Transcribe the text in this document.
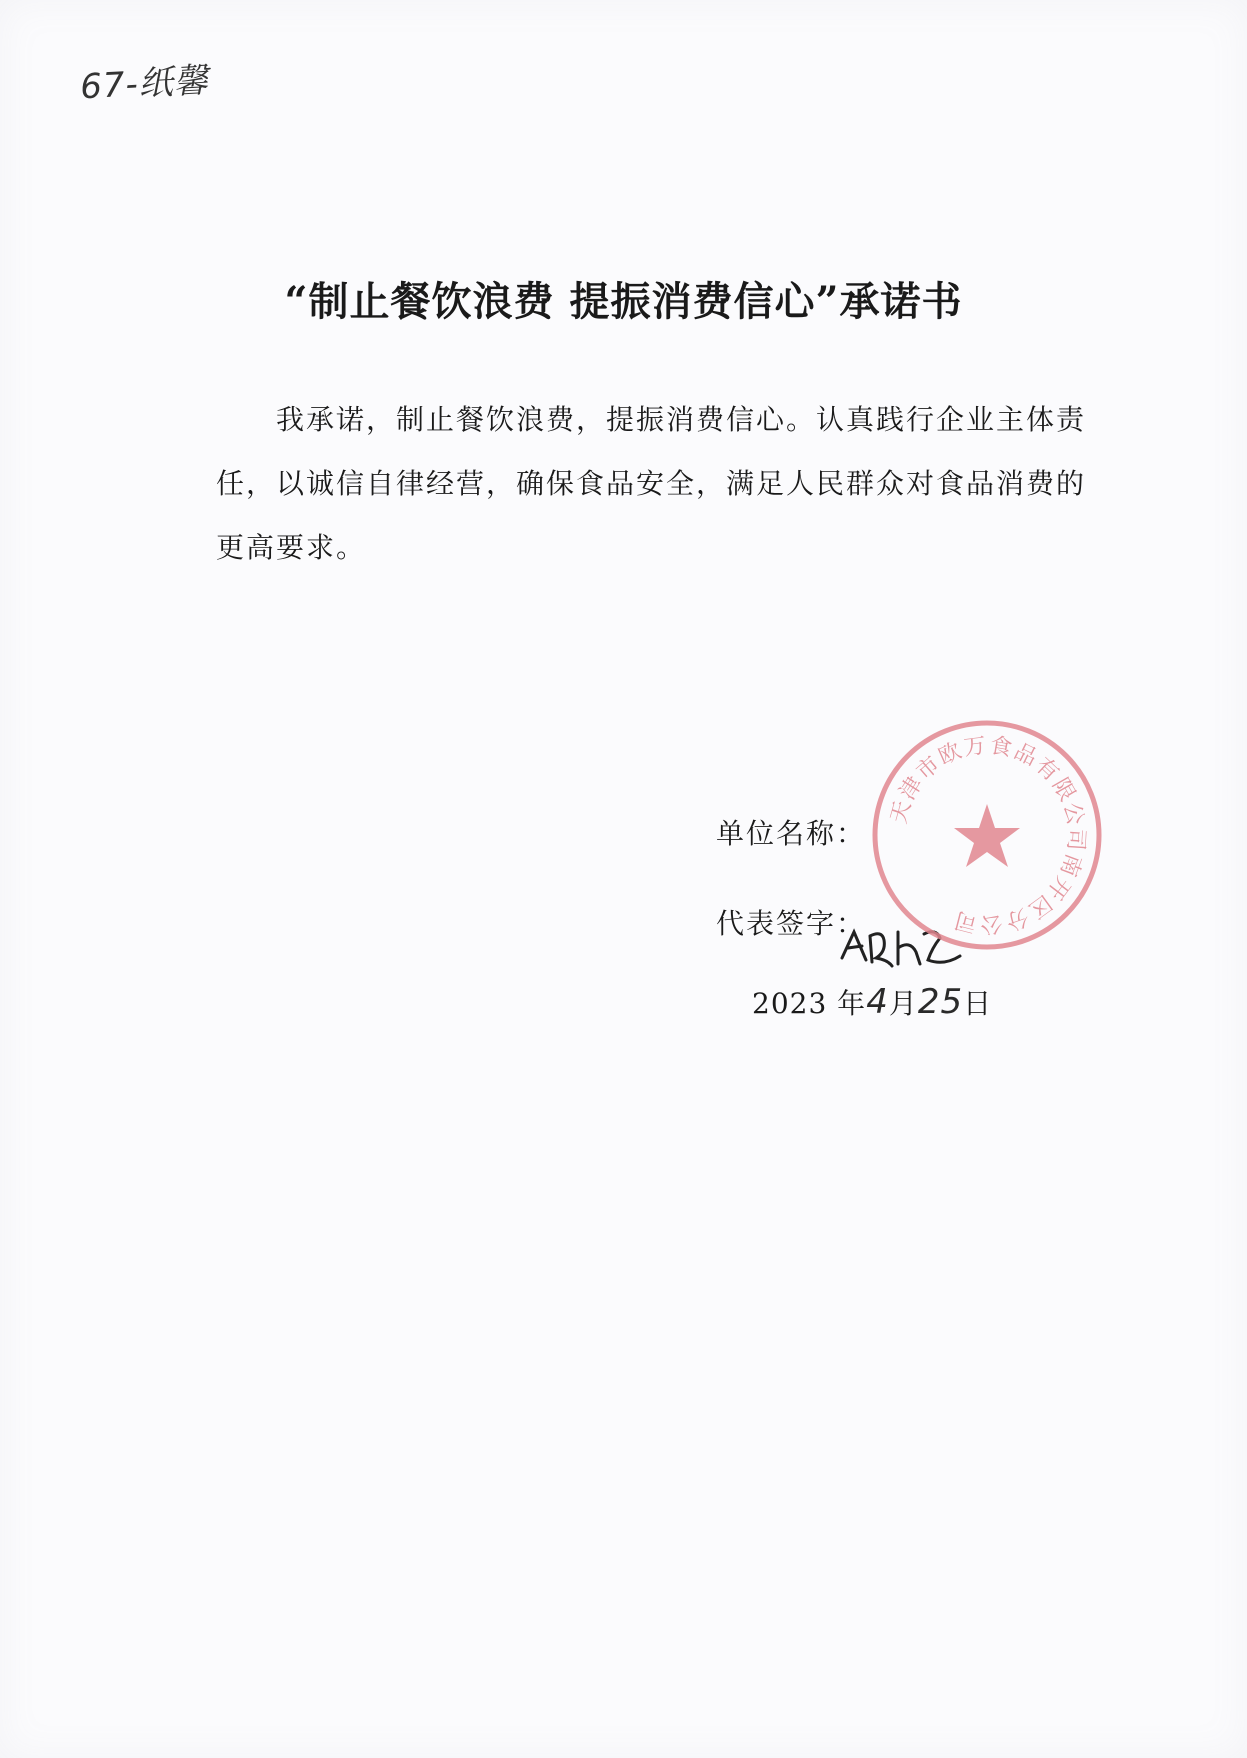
67-纸馨
“制止餐饮浪费 提振消费信心”承诺书
我承诺，制止餐饮浪费，提振消费信心。认真践行企业主体责任，以诚信自律经营，确保食品安全，满足人民群众对食品消费的更高要求。
单位名称：
代表签字：
2023 年4月25日
天津市欧万食品有限公司南开区分公司
